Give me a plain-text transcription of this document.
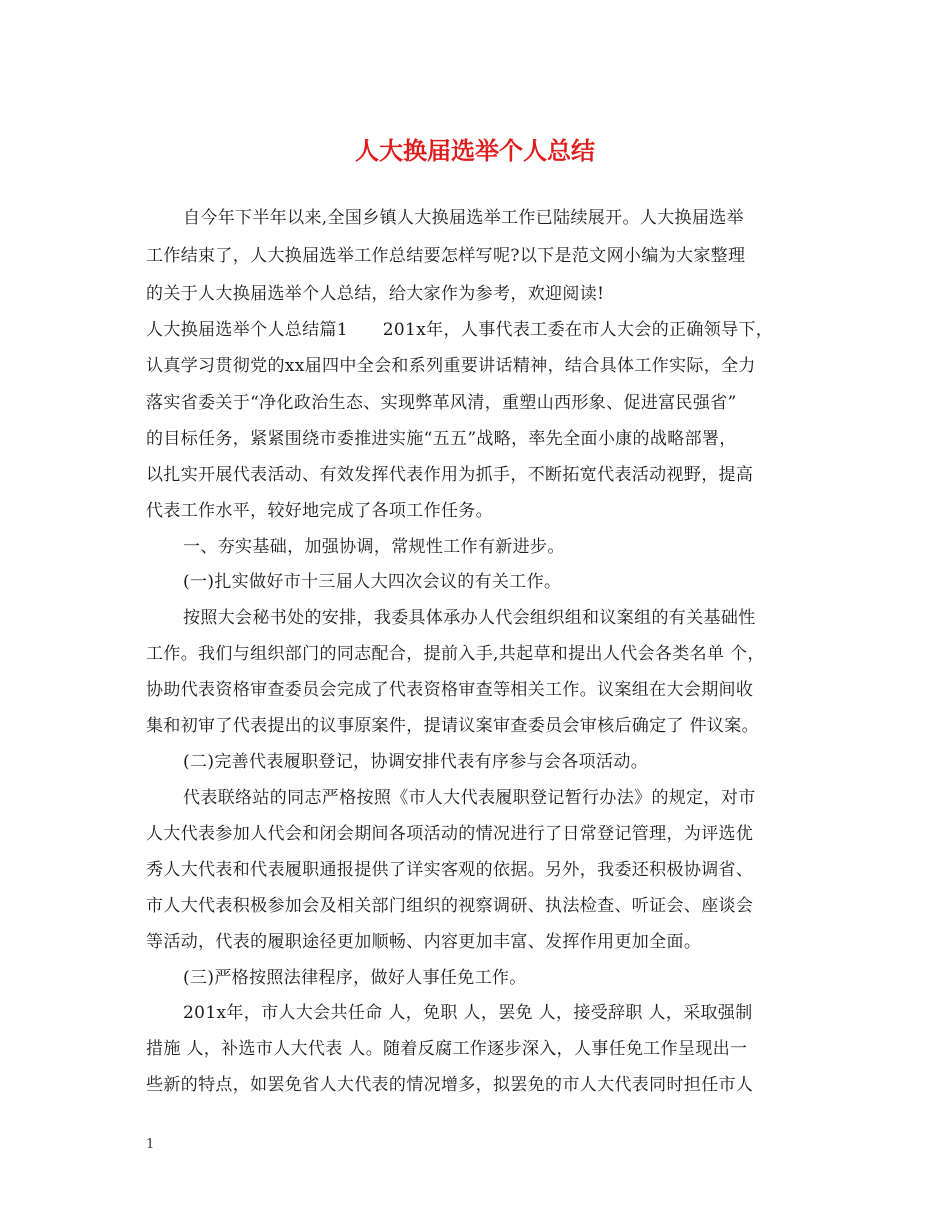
人大换届选举个人总结
自今年下半年以来,全国乡镇人大换届选举工作已陆续展开。人大换届选举
工作结束了，人大换届选举工作总结要怎样写呢?以下是范文网小编为大家整理
的关于人大换届选举个人总结，给大家作为参考，欢迎阅读!
人大换届选举个人总结篇1　　201x年，人事代表工委在市人大会的正确领导下，
认真学习贯彻党的xx届四中全会和系列重要讲话精神，结合具体工作实际，全力
落实省委关于“净化政治生态、实现弊革风清，重塑山西形象、促进富民强省”
的目标任务，紧紧围绕市委推进实施“五五”战略，率先全面小康的战略部署，
以扎实开展代表活动、有效发挥代表作用为抓手，不断拓宽代表活动视野，提高
代表工作水平，较好地完成了各项工作任务。
一、夯实基础，加强协调，常规性工作有新进步。
(一)扎实做好市十三届人大四次会议的有关工作。
按照大会秘书处的安排，我委具体承办人代会组织组和议案组的有关基础性
工作。我们与组织部门的同志配合，提前入手,共起草和提出人代会各类名单 个，
协助代表资格审查委员会完成了代表资格审查等相关工作。议案组在大会期间收
集和初审了代表提出的议事原案件，提请议案审查委员会审核后确定了 件议案。
(二)完善代表履职登记，协调安排代表有序参与会各项活动。
代表联络站的同志严格按照《市人大代表履职登记暂行办法》的规定，对市
人大代表参加人代会和闭会期间各项活动的情况进行了日常登记管理，为评选优
秀人大代表和代表履职通报提供了详实客观的依据。另外，我委还积极协调省、
市人大代表积极参加会及相关部门组织的视察调研、执法检查、听证会、座谈会
等活动，代表的履职途径更加顺畅、内容更加丰富、发挥作用更加全面。
(三)严格按照法律程序，做好人事任免工作。
201x年，市人大会共任命 人，免职 人，罢免 人，接受辞职 人，采取强制
措施 人，补选市人大代表 人。随着反腐工作逐步深入，人事任免工作呈现出一
些新的特点，如罢免省人大代表的情况增多，拟罢免的市人大代表同时担任市人
1
